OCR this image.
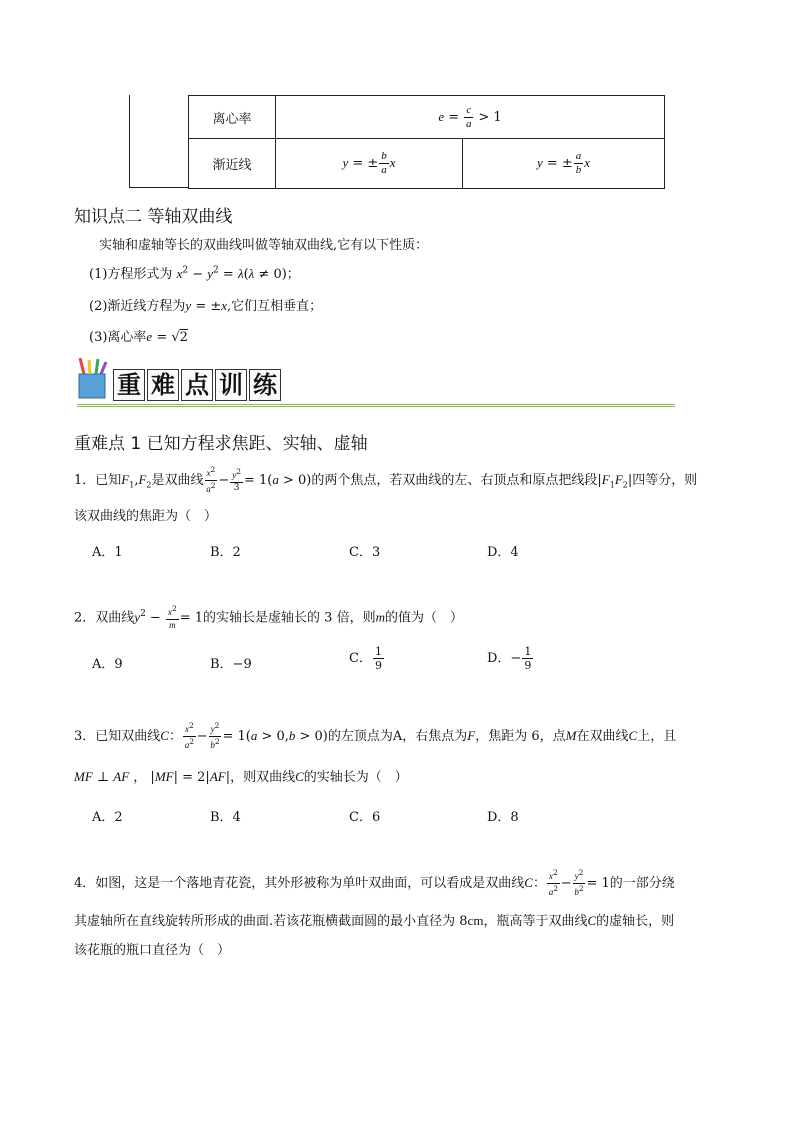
离心率	$e = \frac{c}{a} > 1$	
渐近线	y = ± $\frac{b}{a}$ x	y = ± $\frac{a}{b}$ x
知识点二 等轴双曲线
实轴和虚轴等长的双曲线叫做等轴双曲线,它有以下性质：
(1)方程形式为 $x^2 - y^2 = \lambda(\lambda \ne 0)$；
(2)渐近线方程为y = ±x,它们互相垂直；
(3)离心率e = √2
重 难 点 训 练
重难点 1 已知方程求焦距、实轴、虚轴
1．已知$F_1,F_2$是双曲线 $\frac{x^2}{a^2} - \frac{y^2}{3} = 1(a > 0)$的两个焦点，若双曲线的左、右顶点和原点把线段$|F_1F_2|$四等分，则
该双曲线的焦距为（　）
A．1	B．2	C．3	D．4
2．双曲线$y^2 - \frac{x^2}{m} = 1$的实轴长是虚轴长的 3 倍，则m的值为（　）
A．9	B．−9	C． $\frac{1}{9}$	D．− $\frac{1}{9}$
3．已知双曲线C： $\frac{x^2}{a^2} - \frac{y^2}{b^2} = 1(a > 0,b > 0)$的左顶点为A，右焦点为F，焦距为 6，点M在双曲线C上，且
MF ⊥ AF ， |MF| = 2|AF|，则双曲线C的实轴长为（　）
A．2	B．4	C．6	D．8
4．如图，这是一个落地青花瓷，其外形被称为单叶双曲面，可以看成是双曲线C： $\frac{x^2}{a^2} - \frac{y^2}{b^2} = 1$的一部分绕
其虚轴所在直线旋转所形成的曲面.若该花瓶横截面圆的最小直径为 8cm，瓶高等于双曲线C的虚轴长，则
该花瓶的瓶口直径为（　）
